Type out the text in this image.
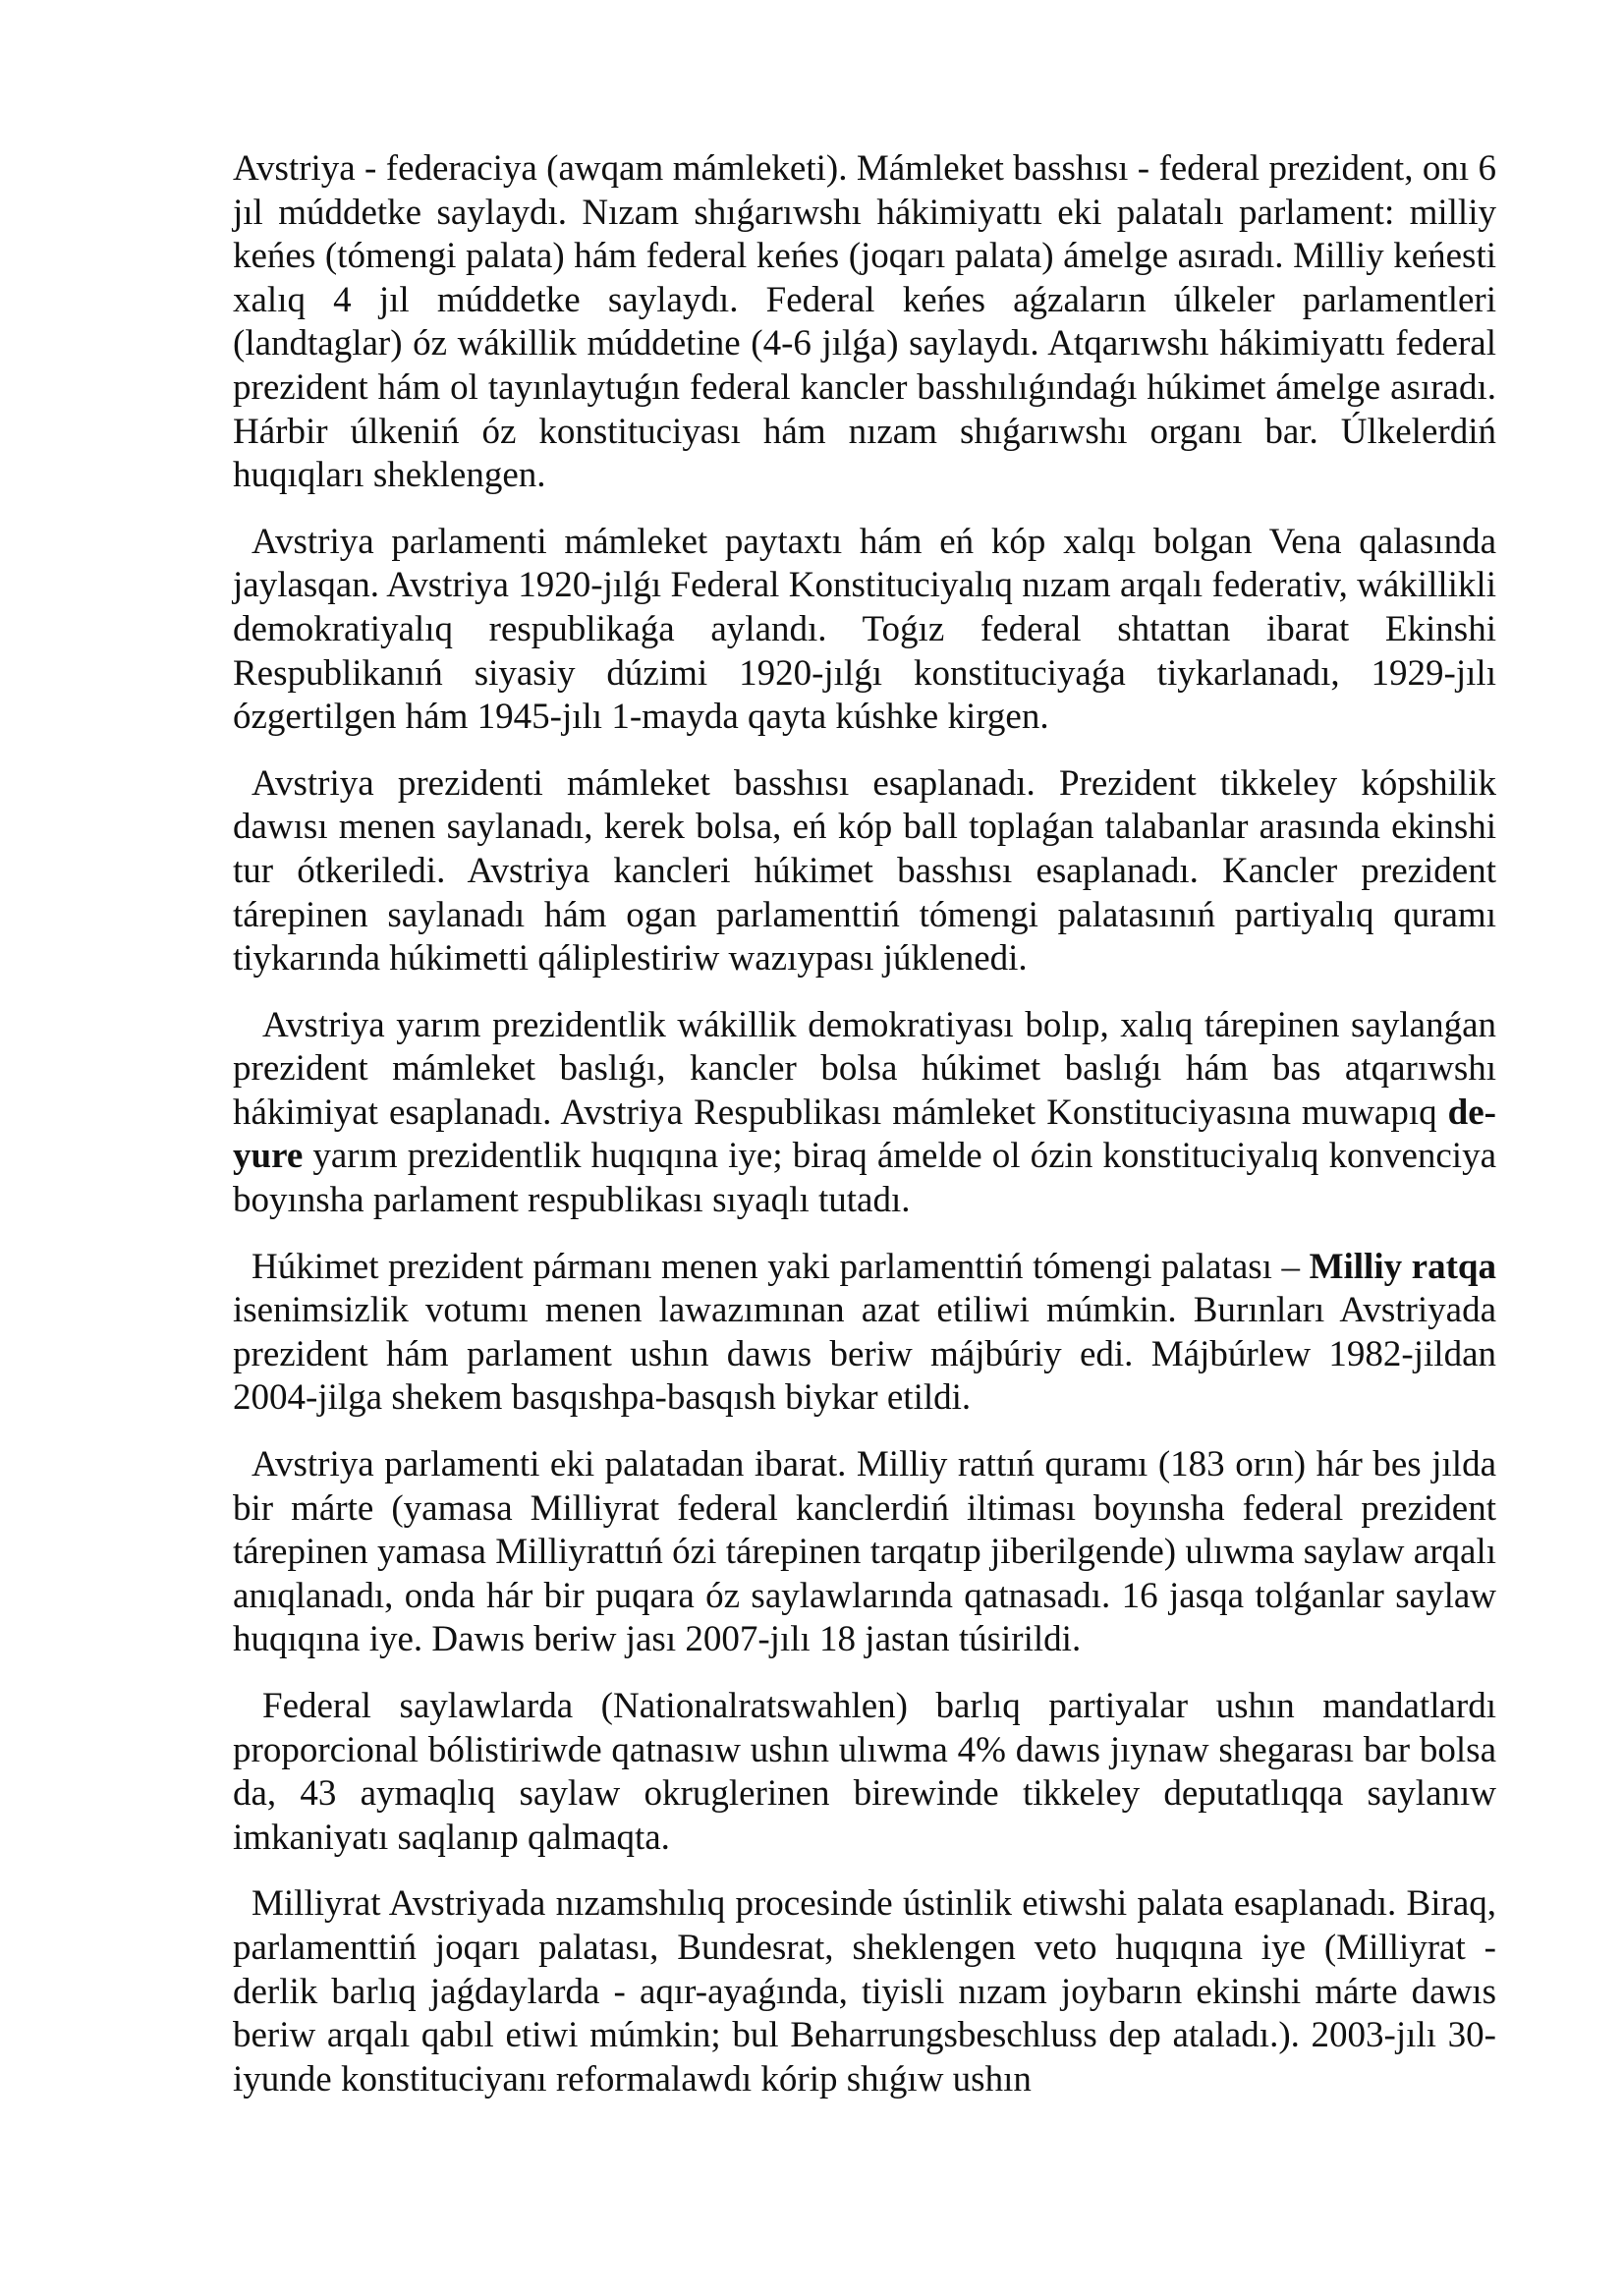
Avstriya - federaciya (awqam mámleketi). Mámleket basshısı - federal prezident, onı 6 jıl múddetke saylaydı. Nızam shıǵarıwshı hákimiyattı eki palatalı parlament: milliy keńes (tómengi palata) hám federal keńes (joqarı palata) ámelge asıradı. Milliy keńesti xalıq 4 jıl múddetke saylaydı. Federal keńes aǵzaların úlkeler parlamentleri (landtaglar) óz wákillik múddetine (4-6 jılǵa) saylaydı. Atqarıwshı hákimiyattı federal prezident hám ol tayınlaytuǵın federal kancler basshılıǵındaǵı húkimet ámelge asıradı. Hárbir úlkeniń óz konstituciyası hám nızam shıǵarıwshı organı bar. Úlkelerdiń huqıqları sheklengen.

Avstriya parlamenti mámleket paytaxtı hám eń kóp xalqı bolgan Vena qalasında jaylasqan. Avstriya 1920-jılǵı Federal Konstituciyalıq nızam arqalı federativ, wákillikli demokratiyalıq respublikaǵa aylandı. Toǵız federal shtattan ibarat Ekinshi Respublikanıń siyasiy dúzimi 1920-jılǵı konstituciyaǵa tiykarlanadı, 1929-jılı ózgertilgen hám 1945-jılı 1-mayda qayta kúshke kirgen.

Avstriya prezidenti mámleket basshısı esaplanadı. Prezident tikkeley kópshilik dawısı menen saylanadı, kerek bolsa, eń kóp ball toplaǵan talabanlar arasında ekinshi tur ótkeriledi. Avstriya kancleri húkimet basshısı esaplanadı. Kancler prezident tárepinen saylanadı hám ogan parlamenttiń tómengi palatasınıń partiyalıq quramı tiykarında húkimetti qáliplestiriw wazıypası júklenedi.

Avstriya yarım prezidentlik wákillik demokratiyası bolıp, xalıq tárepinen saylanǵan prezident mámleket baslıǵı, kancler bolsa húkimet baslıǵı hám bas atqarıwshı hákimiyat esaplanadı. Avstriya Respublikası mámleket Konstituciyasına muwapıq de-yure yarım prezidentlik huqıqına iye; biraq ámelde ol ózin konstituciyalıq konvenciya boyınsha parlament respublikası sıyaqlı tutadı.

Húkimet prezident pármanı menen yaki parlamenttiń tómengi palatası – Milliy ratqa isenimsizlik votumı menen lawazımınan azat etiliwi múmkin. Burınları Avstriyada prezident hám parlament ushın dawıs beriw májbúriy edi. Májbúrlew 1982-jildan 2004-jilga shekem basqıshpa-basqısh biykar etildi.

Avstriya parlamenti eki palatadan ibarat. Milliy rattıń quramı (183 orın) hár bes jılda bir márte (yamasa Milliyrat federal kanclerdiń iltiması boyınsha federal prezident tárepinen yamasa Milliyrattıń ózi tárepinen tarqatıp jiberilgende) ulıwma saylaw arqalı anıqlanadı, onda hár bir puqara óz saylawlarında qatnasadı. 16 jasqa tolǵanlar saylaw huqıqına iye. Dawıs beriw jası 2007-jılı 18 jastan túsirildi.

Federal saylawlarda (Nationalratswahlen) barlıq partiyalar ushın mandatlardı proporcional bólistiriwde qatnasıw ushın ulıwma 4% dawıs jıynaw shegarası bar bolsa da, 43 aymaqlıq saylaw okruglerinen birewinde tikkeley deputatlıqqa saylanıw imkaniyatı saqlanıp qalmaqta.

Milliyrat Avstriyada nızamshılıq procesinde ústinlik etiwshi palata esaplanadı. Biraq, parlamenttiń joqarı palatası, Bundesrat, sheklengen veto huqıqına iye (Milliyrat - derlik barlıq jaǵdaylarda - aqır-ayaǵında, tiyisli nızam joybarın ekinshi márte dawıs beriw arqalı qabıl etiwi múmkin; bul Beharrungsbeschluss dep ataladı.). 2003-jılı 30-iyunde konstituciyanı reformalawdı kórip shıǵıw ushın
